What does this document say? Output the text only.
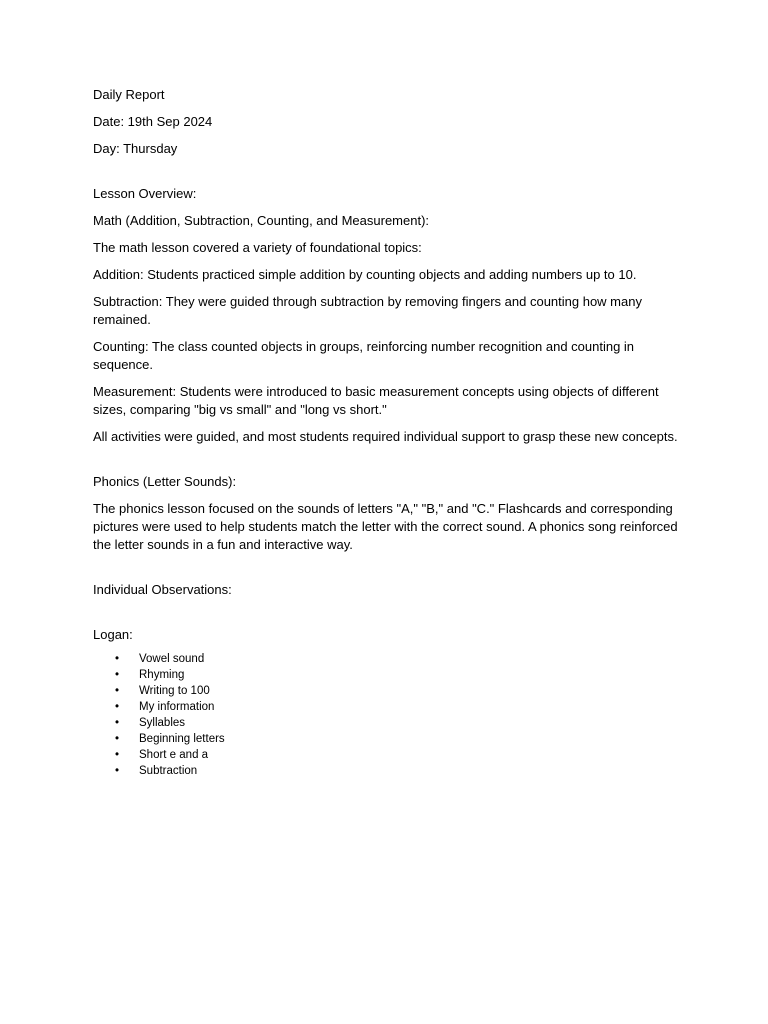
Daily Report

Date: 19th Sep 2024

Day: Thursday

Lesson Overview:

Math (Addition, Subtraction, Counting, and Measurement):

The math lesson covered a variety of foundational topics:

Addition: Students practiced simple addition by counting objects and adding numbers up to 10.

Subtraction: They were guided through subtraction by removing fingers and counting how many remained.

Counting: The class counted objects in groups, reinforcing number recognition and counting in sequence.

Measurement: Students were introduced to basic measurement concepts using objects of different sizes, comparing "big vs small" and "long vs short."

All activities were guided, and most students required individual support to grasp these new concepts.

Phonics (Letter Sounds):

The phonics lesson focused on the sounds of letters "A," "B," and "C." Flashcards and corresponding pictures were used to help students match the letter with the correct sound. A phonics song reinforced the letter sounds in a fun and interactive way.

Individual Observations:

Logan:

• Vowel sound
• Rhyming
• Writing to 100
• My information
• Syllables
• Beginning letters
• Short e and a
• Subtraction
